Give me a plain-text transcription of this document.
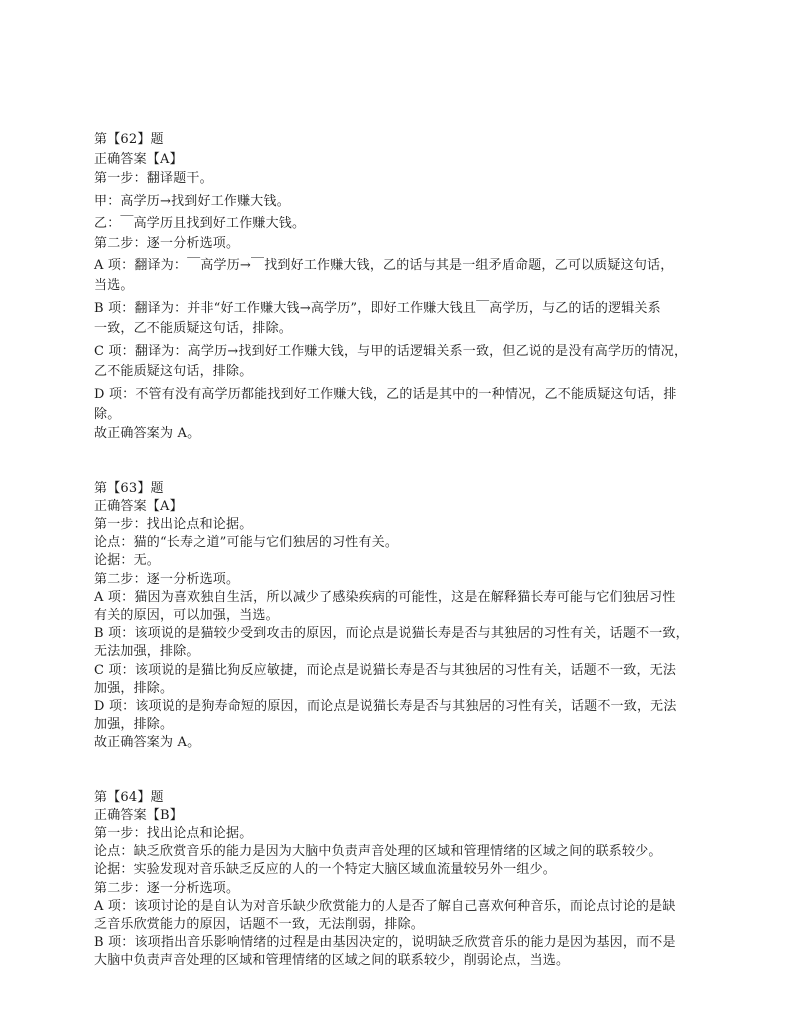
第【62】题
正确答案【A】
第一步：翻译题干。
甲：高学历→找到好工作赚大钱。
乙：￣高学历且找到好工作赚大钱。
第二步：逐一分析选项。
A 项：翻译为：￣高学历→￣找到好工作赚大钱，乙的话与其是一组矛盾命题，乙可以质疑这句话，
当选。
B 项：翻译为：并非“好工作赚大钱→高学历”，即好工作赚大钱且￣高学历，与乙的话的逻辑关系
一致，乙不能质疑这句话，排除。
C 项：翻译为：高学历→找到好工作赚大钱，与甲的话逻辑关系一致，但乙说的是没有高学历的情况，
乙不能质疑这句话，排除。
D 项：不管有没有高学历都能找到好工作赚大钱，乙的话是其中的一种情况，乙不能质疑这句话，排
除。
故正确答案为 A。
第【63】题
正确答案【A】
第一步：找出论点和论据。
论点：猫的“长寿之道”可能与它们独居的习性有关。
论据：无。
第二步：逐一分析选项。
A 项：猫因为喜欢独自生活，所以减少了感染疾病的可能性，这是在解释猫长寿可能与它们独居习性
有关的原因，可以加强，当选。
B 项：该项说的是猫较少受到攻击的原因，而论点是说猫长寿是否与其独居的习性有关，话题不一致，
无法加强，排除。
C 项：该项说的是猫比狗反应敏捷，而论点是说猫长寿是否与其独居的习性有关，话题不一致，无法
加强，排除。
D 项：该项说的是狗寿命短的原因，而论点是说猫长寿是否与其独居的习性有关，话题不一致，无法
加强，排除。
故正确答案为 A。
第【64】题
正确答案【B】
第一步：找出论点和论据。
论点：缺乏欣赏音乐的能力是因为大脑中负责声音处理的区域和管理情绪的区域之间的联系较少。
论据：实验发现对音乐缺乏反应的人的一个特定大脑区域血流量较另外一组少。
第二步：逐一分析选项。
A 项：该项讨论的是自认为对音乐缺少欣赏能力的人是否了解自己喜欢何种音乐，而论点讨论的是缺
乏音乐欣赏能力的原因，话题不一致，无法削弱，排除。
B 项：该项指出音乐影响情绪的过程是由基因决定的，说明缺乏欣赏音乐的能力是因为基因，而不是
大脑中负责声音处理的区域和管理情绪的区域之间的联系较少，削弱论点，当选。
